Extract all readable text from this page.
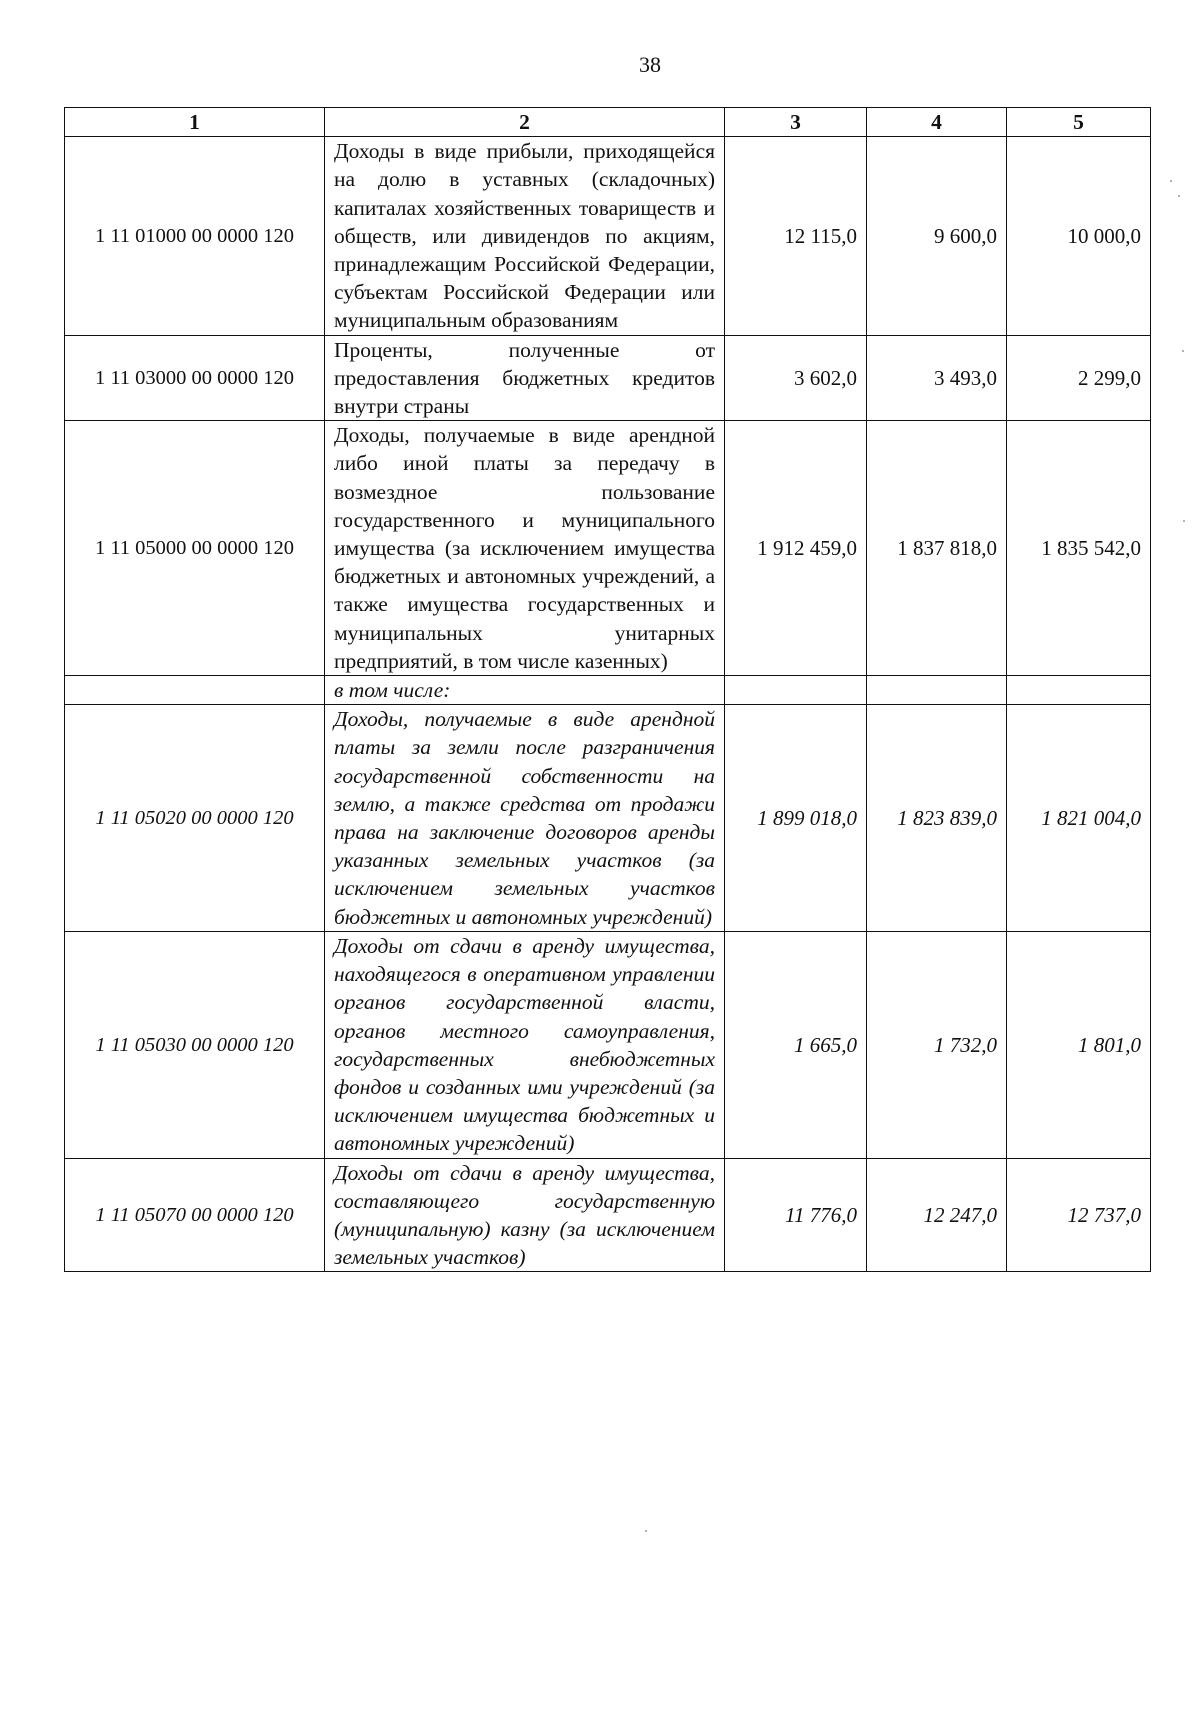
38
1	2	3	4	5
1 11 01000 00 0000 120	Доходы в виде прибыли, приходящейся на долю в уставных (складочных) капиталах хозяйственных товариществ и обществ, или дивидендов по акциям, принадлежащим Российской Федерации, субъектам Российской Федерации или муниципальным образованиям	12 115,0	9 600,0	10 000,0
1 11 03000 00 0000 120	Проценты, полученные от предоставления бюджетных кредитов внутри страны	3 602,0	3 493,0	2 299,0
1 11 05000 00 0000 120	Доходы, получаемые в виде арендной либо иной платы за передачу в возмездное пользование государственного и муниципального имущества (за исключением имущества бюджетных и автономных учреждений, а также имущества государственных и муниципальных унитарных предприятий, в том числе казенных)	1 912 459,0	1 837 818,0	1 835 542,0
	в том числе:			
1 11 05020 00 0000 120	Доходы, получаемые в виде арендной платы за земли после разграничения государственной собственности на землю, а также средства от продажи права на заключение договоров аренды указанных земельных участков (за исключением земельных участков бюджетных и автономных учреждений)	1 899 018,0	1 823 839,0	1 821 004,0
1 11 05030 00 0000 120	Доходы от сдачи в аренду имущества, находящегося в оперативном управлении органов государственной власти, органов местного самоуправления, государственных внебюджетных фондов и созданных ими учреждений (за исключением имущества бюджетных и автономных учреждений)	1 665,0	1 732,0	1 801,0
1 11 05070 00 0000 120	Доходы от сдачи в аренду имущества, составляющего государственную (муниципальную) казну (за исключением земельных участков)	11 776,0	12 247,0	12 737,0
